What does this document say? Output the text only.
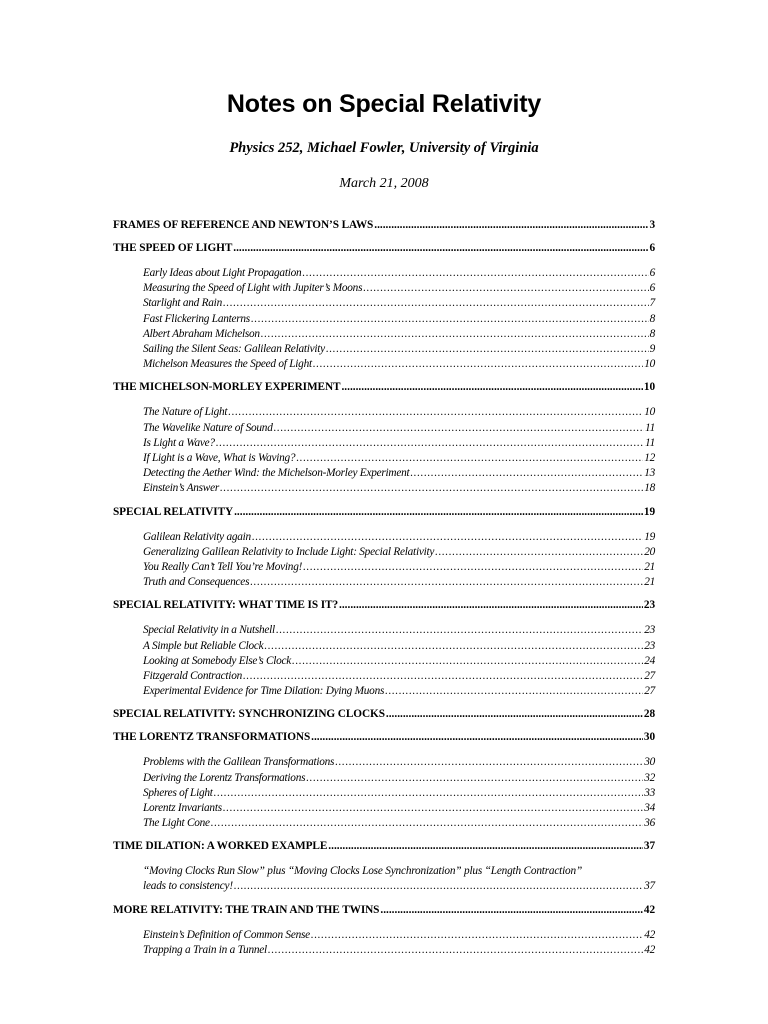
Notes on Special Relativity
Physics 252, Michael Fowler, University of Virginia
March 21, 2008
FRAMES OF REFERENCE AND NEWTON’S LAWS .....	3
THE SPEED OF LIGHT .....	6
Early Ideas about Light Propagation .....	6
Measuring the Speed of Light with Jupiter’s Moons .....	6
Starlight and Rain .....	7
Fast Flickering Lanterns .....	8
Albert Abraham Michelson .....	8
Sailing the Silent Seas: Galilean Relativity .....	9
Michelson Measures the Speed of Light .....	10
THE MICHELSON-MORLEY EXPERIMENT .....	10
The Nature of Light .....	10
The Wavelike Nature of Sound .....	11
Is Light a Wave? .....	11
If Light is a Wave, What is Waving? .....	12
Detecting the Aether Wind: the Michelson-Morley Experiment .....	13
Einstein’s Answer .....	18
SPECIAL RELATIVITY .....	19
Galilean Relativity again .....	19
Generalizing Galilean Relativity to Include Light: Special Relativity .....	20
You Really Can’t Tell You’re Moving! .....	21
Truth and Consequences .....	21
SPECIAL RELATIVITY: WHAT TIME IS IT? .....	23
Special Relativity in a Nutshell .....	23
A Simple but Reliable Clock .....	23
Looking at Somebody Else’s Clock .....	24
Fitzgerald Contraction .....	27
Experimental Evidence for Time Dilation: Dying Muons .....	27
SPECIAL RELATIVITY: SYNCHRONIZING CLOCKS .....	28
THE LORENTZ TRANSFORMATIONS .....	30
Problems with the Galilean Transformations .....	30
Deriving the Lorentz Transformations .....	32
Spheres of Light .....	33
Lorentz Invariants .....	34
The Light Cone .....	36
TIME DILATION: A WORKED EXAMPLE .....	37
“Moving Clocks Run Slow” plus “Moving Clocks Lose Synchronization” plus “Length Contraction”
leads to consistency! .....	37
MORE RELATIVITY: THE TRAIN AND THE TWINS .....	42
Einstein’s Definition of Common Sense .....	42
Trapping a Train in a Tunnel .....	42
